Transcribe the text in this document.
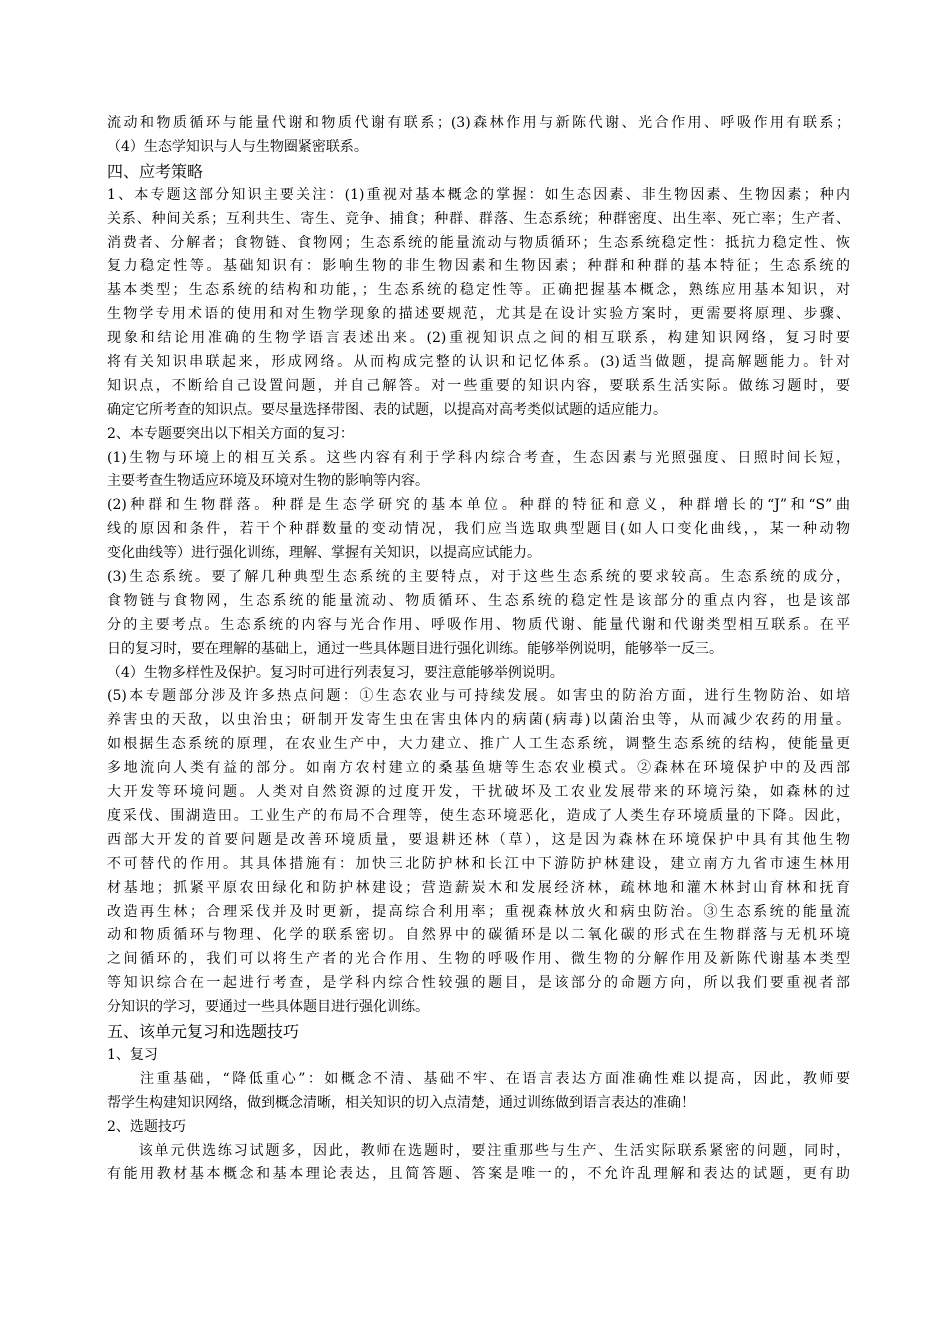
流动和物质循环与能量代谢和物质代谢有联系；(3)森林作用与新陈代谢、光合作用、呼吸作用有联系；
（4）生态学知识与人与生物圈紧密联系。
四、应考策略
1、本专题这部分知识主要关注：(1)重视对基本概念的掌握：如生态因素、非生物因素、生物因素；种内
关系、种间关系；互利共生、寄生、竞争、捕食；种群、群落、生态系统；种群密度、出生率、死亡率；生产者、
消费者、分解者；食物链、食物网；生态系统的能量流动与物质循环；生态系统稳定性：抵抗力稳定性、恢
复力稳定性等。基础知识有：影响生物的非生物因素和生物因素；种群和种群的基本特征；生态系统的
基本类型；生态系统的结构和功能，；生态系统的稳定性等。正确把握基本概念，熟练应用基本知识，对
生物学专用术语的使用和对生物学现象的描述要规范，尤其是在设计实验方案时，更需要将原理、步骤、
现象和结论用准确的生物学语言表述出来。(2)重视知识点之间的相互联系，构建知识网络，复习时要
将有关知识串联起来，形成网络。从而构成完整的认识和记忆体系。(3)适当做题，提高解题能力。针对
知识点，不断给自己设置问题，并自己解答。对一些重要的知识内容，要联系生活实际。做练习题时，要
确定它所考查的知识点。要尽量选择带图、表的试题，以提高对高考类似试题的适应能力。
2、本专题要突出以下相关方面的复习：
(1)生物与环境上的相互关系。这些内容有利于学科内综合考查，生态因素与光照强度、日照时间长短，
主要考查生物适应环境及环境对生物的影响等内容。
(2)种群和生物群落。种群是生态学研究的基本单位。种群的特征和意义，种群增长的“J”和“S”曲
线的原因和条件，若干个种群数量的变动情况，我们应当选取典型题目(如人口变化曲线，，某一种动物
变化曲线等）进行强化训练，理解、掌握有关知识，以提高应试能力。
(3)生态系统。要了解几种典型生态系统的主要特点，对于这些生态系统的要求较高。生态系统的成分，
食物链与食物网，生态系统的能量流动、物质循环、生态系统的稳定性是该部分的重点内容，也是该部
分的主要考点。生态系统的内容与光合作用、呼吸作用、物质代谢、能量代谢和代谢类型相互联系。在平
日的复习时，要在理解的基础上，通过一些具体题目进行强化训练。能够举例说明，能够举一反三。
（4）生物多样性及保护。复习时可进行列表复习，要注意能够举例说明。
(5)本专题部分涉及许多热点问题：①生态农业与可持续发展。如害虫的防治方面，进行生物防治、如培
养害虫的天敌，以虫治虫；研制开发寄生虫在害虫体内的病菌(病毒)以菌治虫等，从而减少农药的用量。
如根据生态系统的原理，在农业生产中，大力建立、推广人工生态系统，调整生态系统的结构，使能量更
多地流向人类有益的部分。如南方农村建立的桑基鱼塘等生态农业模式。②森林在环境保护中的及西部
大开发等环境问题。人类对自然资源的过度开发，干扰破坏及工农业发展带来的环境污染，如森林的过
度采伐、围湖造田。工业生产的布局不合理等，使生态环境恶化，造成了人类生存环境质量的下降。因此，
西部大开发的首要问题是改善环境质量，要退耕还林（草），这是因为森林在环境保护中具有其他生物
不可替代的作用。其具体措施有：加快三北防护林和长江中下游防护林建设，建立南方九省市速生林用
材基地；抓紧平原农田绿化和防护林建设；营造薪炭木和发展经济林，疏林地和灌木林封山育林和抚育
改造再生林；合理采伐并及时更新，提高综合利用率；重视森林放火和病虫防治。③生态系统的能量流
动和物质循环与物理、化学的联系密切。自然界中的碳循环是以二氧化碳的形式在生物群落与无机环境
之间循环的，我们可以将生产者的光合作用、生物的呼吸作用、微生物的分解作用及新陈代谢基本类型
等知识综合在一起进行考查，是学科内综合性较强的题目，是该部分的命题方向，所以我们要重视者部
分知识的学习，要通过一些具体题目进行强化训练。
五、该单元复习和选题技巧
1、复习
　　注重基础，“降低重心”：如概念不清、基础不牢、在语言表达方面准确性难以提高，因此，教师要
帮学生构建知识网络，做到概念清晰，相关知识的切入点清楚，通过训练做到语言表达的准确！
2、选题技巧
　　该单元供选练习试题多，因此，教师在选题时，要注重那些与生产、生活实际联系紧密的问题，同时，
有能用教材基本概念和基本理论表达，且简答题、答案是唯一的，不允许乱理解和表达的试题，更有助
